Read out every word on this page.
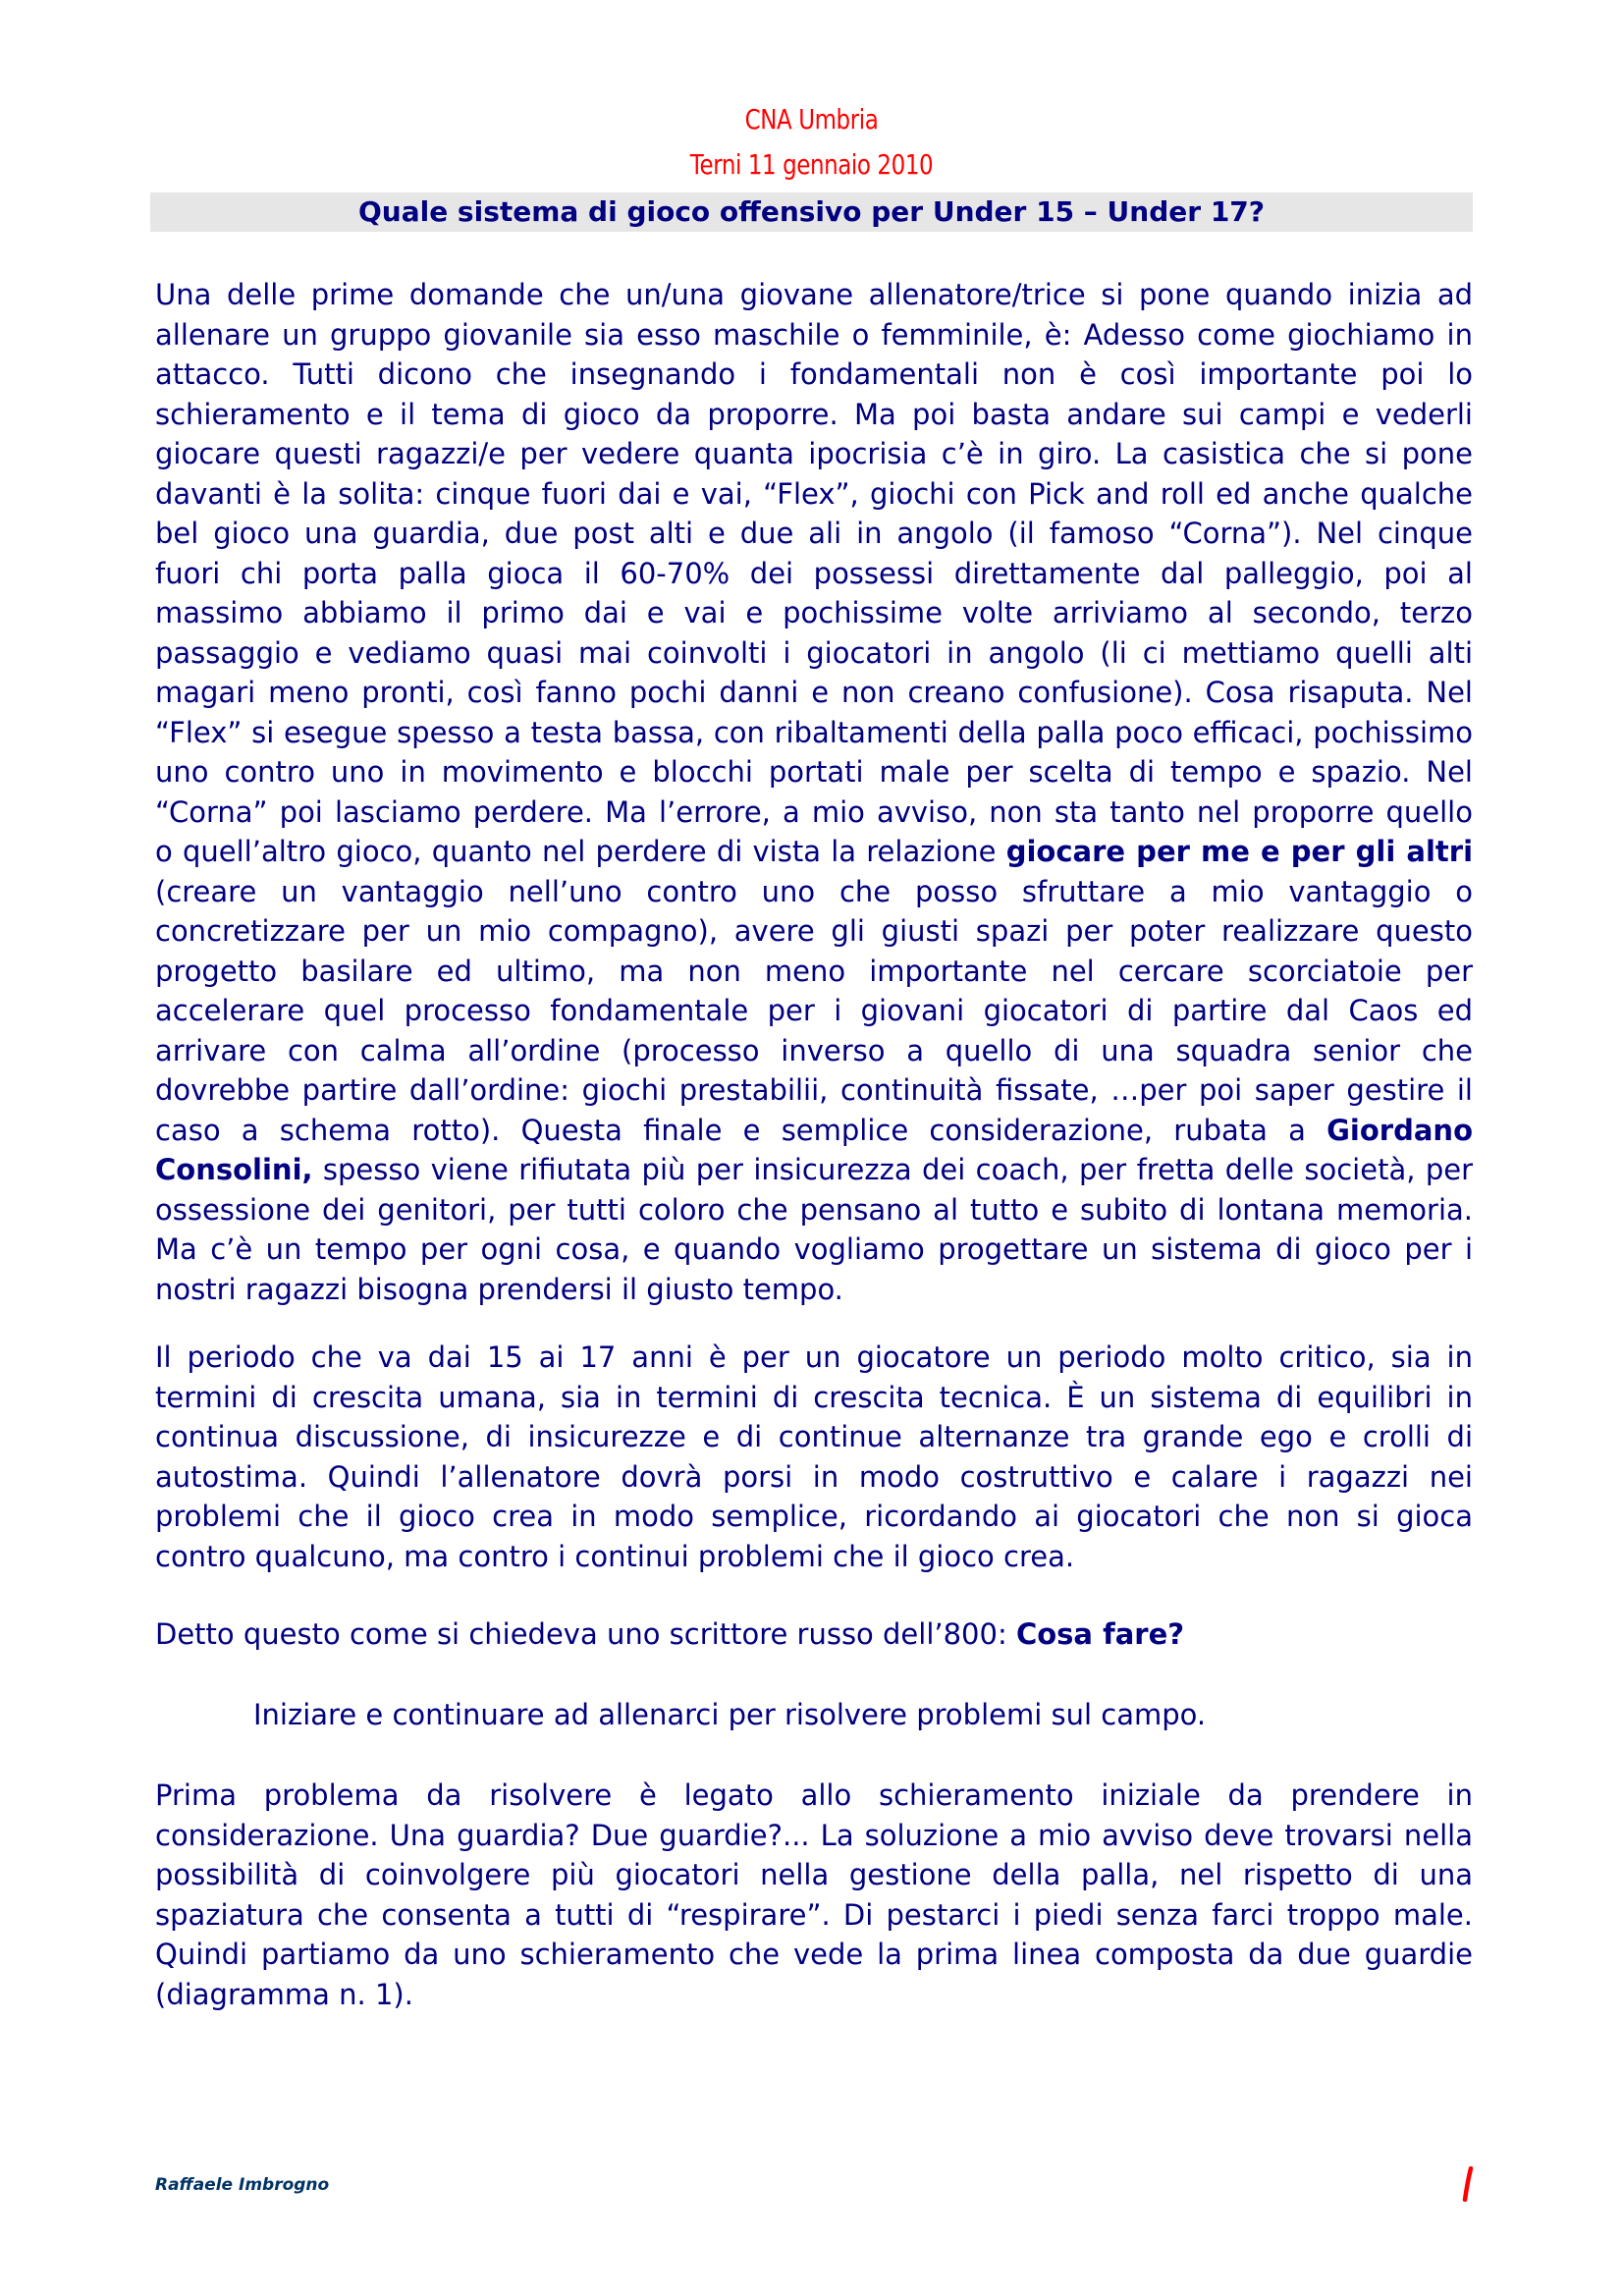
CNA Umbria
Terni 11 gennaio 2010
Quale sistema di gioco offensivo per Under 15 – Under 17?
Una delle prime domande che un/una giovane allenatore/trice si pone quando inizia ad
allenare un gruppo giovanile sia esso maschile o femminile, è: Adesso come giochiamo in
attacco. Tutti dicono che insegnando i fondamentali non è così importante poi lo
schieramento e il tema di gioco da proporre. Ma poi basta andare sui campi e vederli
giocare questi ragazzi/e per vedere quanta ipocrisia c’è in giro. La casistica che si pone
davanti è la solita: cinque fuori dai e vai, “Flex”, giochi con Pick and roll ed anche qualche
bel gioco una guardia, due post alti e due ali in angolo (il famoso “Corna”). Nel cinque
fuori chi porta palla gioca il 60-70% dei possessi direttamente dal palleggio, poi al
massimo abbiamo il primo dai e vai e pochissime volte arriviamo al secondo, terzo
passaggio e vediamo quasi mai coinvolti i giocatori in angolo (li ci mettiamo quelli alti
magari meno pronti, così fanno pochi danni e non creano confusione). Cosa risaputa. Nel
“Flex” si esegue spesso a testa bassa, con ribaltamenti della palla poco efficaci, pochissimo
uno contro uno in movimento e blocchi portati male per scelta di tempo e spazio. Nel
“Corna” poi lasciamo perdere. Ma l’errore, a mio avviso, non sta tanto nel proporre quello
o quell’altro gioco, quanto nel perdere di vista la relazione giocare per me e per gli altri
(creare un vantaggio nell’uno contro uno che posso sfruttare a mio vantaggio o
concretizzare per un mio compagno), avere gli giusti spazi per poter realizzare questo
progetto basilare ed ultimo, ma non meno importante nel cercare scorciatoie per
accelerare quel processo fondamentale per i giovani giocatori di partire dal Caos ed
arrivare con calma all’ordine (processo inverso a quello di una squadra senior che
dovrebbe partire dall’ordine: giochi prestabilii, continuità fissate, …per poi saper gestire il
caso a schema rotto). Questa finale e semplice considerazione, rubata a Giordano
Consolini, spesso viene rifiutata più per insicurezza dei coach, per fretta delle società, per
ossessione dei genitori, per tutti coloro che pensano al tutto e subito di lontana memoria.
Ma c’è un tempo per ogni cosa, e quando vogliamo progettare un sistema di gioco per i
nostri ragazzi bisogna prendersi il giusto tempo.
Il periodo che va dai 15 ai 17 anni è per un giocatore un periodo molto critico, sia in
termini di crescita umana, sia in termini di crescita tecnica. È un sistema di equilibri in
continua discussione, di insicurezze e di continue alternanze tra grande ego e crolli di
autostima. Quindi l’allenatore dovrà porsi in modo costruttivo e calare i ragazzi nei
problemi che il gioco crea in modo semplice, ricordando ai giocatori che non si gioca
contro qualcuno, ma contro i continui problemi che il gioco crea.
Detto questo come si chiedeva uno scrittore russo dell’800: Cosa fare?
Iniziare e continuare ad allenarci per risolvere problemi sul campo.
Prima problema da risolvere è legato allo schieramento iniziale da prendere in
considerazione. Una guardia? Due guardie?... La soluzione a mio avviso deve trovarsi nella
possibilità di coinvolgere più giocatori nella gestione della palla, nel rispetto di una
spaziatura che consenta a tutti di “respirare”. Di pestarci i piedi senza farci troppo male.
Quindi partiamo da uno schieramento che vede la prima linea composta da due guardie
(diagramma n. 1).
Raffaele Imbrogno
